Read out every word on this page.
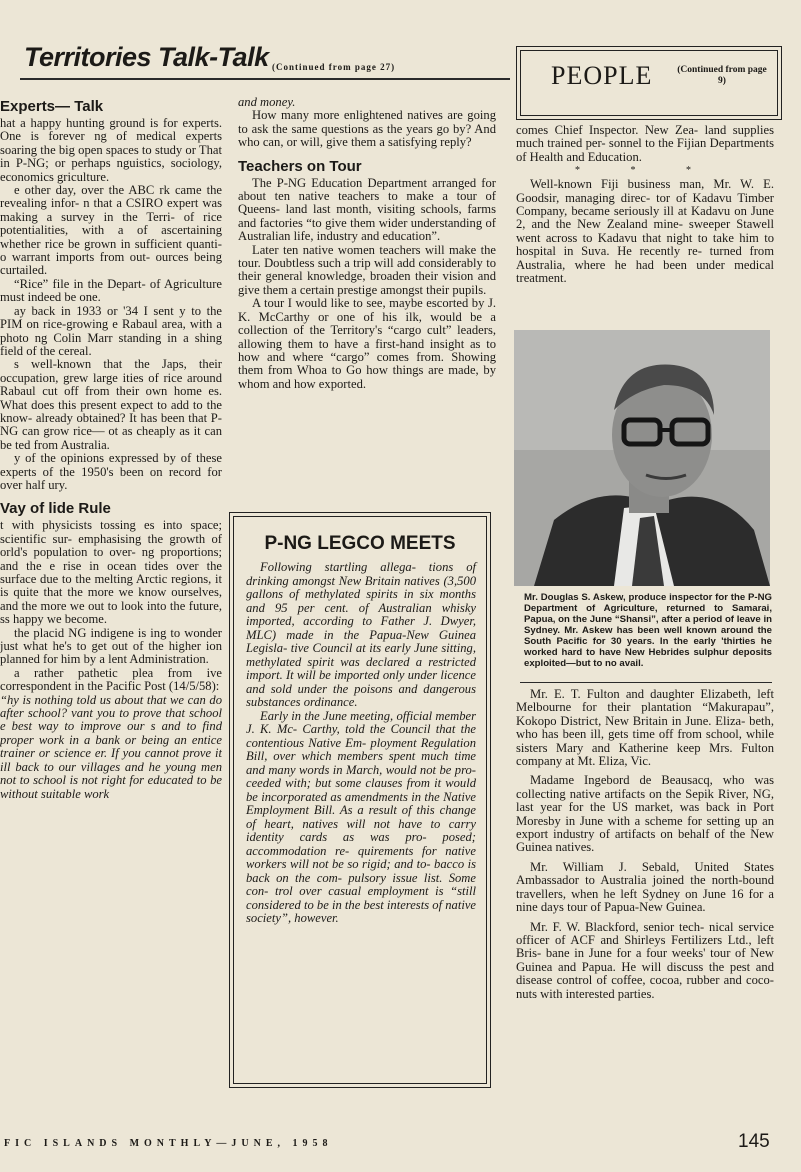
Territories Talk-Talk (Continued from page 27)	PEOPLE	(Continued from page 9)
Experts— Talk

hat a happy hunting ground is for experts. One is forever ng of medical experts soaring the big open spaces to study or That in P-NG; or perhaps nguistics, sociology, economics griculture.

e other day, over the ABC rk came the revealing infor- n that a CSIRO expert was making a survey in the Terri- of rice potentialities, with a of ascertaining whether rice be grown in sufficient quanti- o warrant imports from out- ources being curtailed.

“Rice” file in the Depart- of Agriculture must indeed be one.

ay back in 1933 or '34 I sent y to the PIM on rice-growing e Rabaul area, with a photo ng Colin Marr standing in a shing field of the cereal.

s well-known that the Japs, their occupation, grew large ities of rice around Rabaul cut off from their own home es. What does this present expect to add to the know- already obtained? It has been that P-NG can grow rice— ot as cheaply as it can be ted from Australia.

y of the opinions expressed by of these experts of the 1950's been on record for over half ury.

Vay of lide Rule

t with physicists tossing es into space; scientific sur- emphasising the growth of orld's population to over- ng proportions; and the e rise in ocean tides over the surface due to the melting Arctic regions, it is quite that the more we know ourselves, and the more we out to look into the future, ss happy we become.

the placid NG indigene is ing to wonder just what he's to get out of the higher ion planned for him by a lent Administration.

a rather pathetic plea from ive correspondent in the Pacific Post (14/5/58):

“hy is nothing told us about that we can do after school? vant you to prove that school e best way to improve our s and to find proper work in a bank or being an entice trainer or science er. If you cannot prove it ill back to our villages and he young men not to school is not right for educated to be without suitable work

and money.

How many more enlightened natives are going to ask the same questions as the years go by? And who can, or will, give them a satisfying reply?

Teachers on Tour

The P-NG Education Department arranged for about ten native teachers to make a tour of Queens- land last month, visiting schools, farms and factories “to give them wider understanding of Australian life, industry and education”.

Later ten native women teachers will make the tour. Doubtless such a trip will add considerably to their general knowledge, broaden their vision and give them a certain prestige amongst their pupils.

A tour I would like to see, maybe escorted by J. K. McCarthy or one of his ilk, would be a collection of the Territory's “cargo cult” leaders, allowing them to have a first-hand insight as to how and where “cargo” comes from. Showing them from Whoa to Go how things are made, by whom and how exported.

P-NG LEGCO MEETS

Following startling allega- tions of drinking amongst New Britain natives (3,500 gallons of methylated spirits in six months and 95 per cent. of Australian whisky imported, according to Father J. Dwyer, MLC) made in the Papua-New Guinea Legisla- tive Council at its early June sitting, methylated spirit was declared a restricted import. It will be imported only under licence and sold under the poisons and dangerous substances ordinance.

Early in the June meeting, official member J. K. Mc- Carthy, told the Council that the contentious Native Em- ployment Regulation Bill, over which members spent much time and many words in March, would not be pro- ceeded with; but some clauses from it would be incorporated as amendments in the Native Employment Bill. As a result of this change of heart, natives will not have to carry identity cards as was pro- posed; accommodation re- quirements for native workers will not be so rigid; and to- bacco is back on the com- pulsory issue list. Some con- trol over casual employment is “still considered to be in the best interests of native society”, however.

comes Chief Inspector. New Zea- land supplies much trained per- sonnel to the Fijian Departments of Health and Education.

* * *

Well-known Fiji business man, Mr. W. E. Goodsir, managing direc- tor of Kadavu Timber Company, became seriously ill at Kadavu on June 2, and the New Zealand mine- sweeper Stawell went across to Kadavu that night to take him to hospital in Suva. He recently re- turned from Australia, where he had been under medical treatment.

Mr. Douglas S. Askew, produce inspector for the P-NG Department of Agriculture, returned to Samarai, Papua, on the June “Shansi”, after a period of leave in Sydney. Mr. Askew has been well known around the South Pacific for 30 years. In the early 'thirties he worked hard to have New Hebrides sulphur deposits exploited—but to no avail.

Mr. E. T. Fulton and daughter Elizabeth, left Melbourne for their plantation “Makurapau”, Kokopo District, New Britain in June. Eliza- beth, who has been ill, gets time off from school, while sisters Mary and Katherine keep Mrs. Fulton company at Mt. Eliza, Vic.

Madame Ingebord de Beausacq, who was collecting native artifacts on the Sepik River, NG, last year for the US market, was back in Port Moresby in June with a scheme for setting up an export industry of artifacts on behalf of the New Guinea natives.

Mr. William J. Sebald, United States Ambassador to Australia joined the north-bound travellers, when he left Sydney on June 16 for a nine days tour of Papua-New Guinea.

Mr. F. W. Blackford, senior tech- nical service officer of ACF and Shirleys Fertilizers Ltd., left Bris- bane in June for a four weeks' tour of New Guinea and Papua. He will discuss the pest and disease control of coffee, cocoa, rubber and coco- nuts with interested parties.

FIC ISLANDS MONTHLY—JUNE, 1958	145
